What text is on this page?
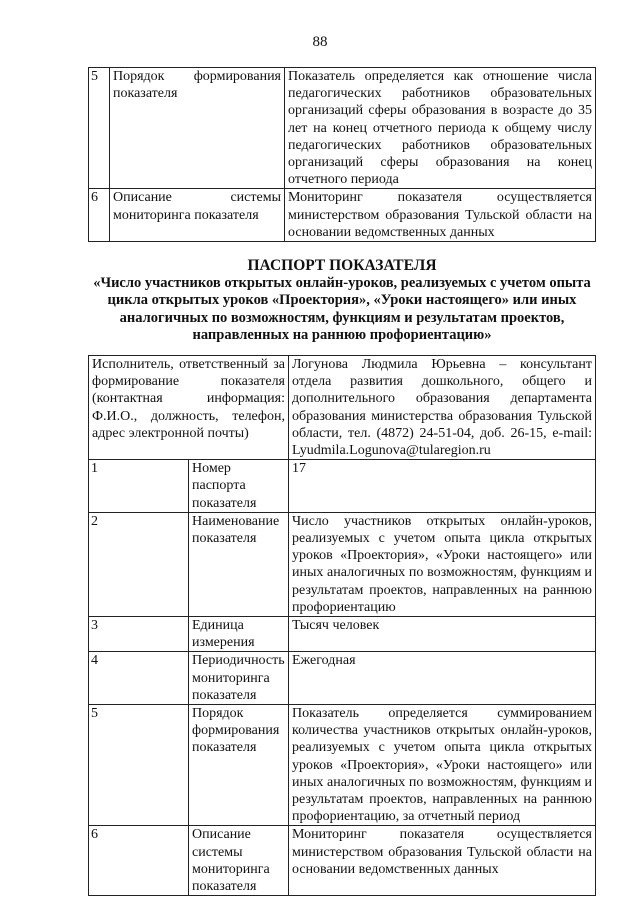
88
5	Порядок формирования показателя	Показатель определяется как отношение числа педагогических работников образовательных организаций сферы образования в возрасте до 35 лет на конец отчетного периода к общему числу педагогических работников образовательных организаций сферы образования на конец отчетного периода
6	Описание системы мониторинга показателя	Мониторинг показателя осуществляется министерством образования Тульской области на основании ведомственных данных
ПАСПОРТ ПОКАЗАТЕЛЯ
«Число участников открытых онлайн-уроков, реализуемых с учетом опыта цикла открытых уроков «Проектория», «Уроки настоящего» или иных аналогичных по возможностям, функциям и результатам проектов, направленных на раннюю профориентацию»
Исполнитель, ответственный за формирование показателя (контактная информация: Ф.И.О., должность, телефон, адрес электронной почты)		Логунова Людмила Юрьевна – консультант отдела развития дошкольного, общего и дополнительного образования департамента образования министерства образования Тульской области, тел. (4872) 24-51-04, доб. 26-15, e-mail: Lyudmila.Logunova@tularegion.ru
1	Номер паспорта показателя	17
2	Наименование показателя	Число участников открытых онлайн-уроков, реализуемых с учетом опыта цикла открытых уроков «Проектория», «Уроки настоящего» или иных аналогичных по возможностям, функциям и результатам проектов, направленных на раннюю профориентацию
3	Единица измерения	Тысяч человек
4	Периодичность мониторинга показателя	Ежегодная
5	Порядок формирования показателя	Показатель определяется суммированием количества участников открытых онлайн-уроков, реализуемых с учетом опыта цикла открытых уроков «Проектория», «Уроки настоящего» или иных аналогичных по возможностям, функциям и результатам проектов, направленных на раннюю профориентацию, за отчетный период
6	Описание системы мониторинга показателя	Мониторинг показателя осуществляется министерством образования Тульской области на основании ведомственных данных
